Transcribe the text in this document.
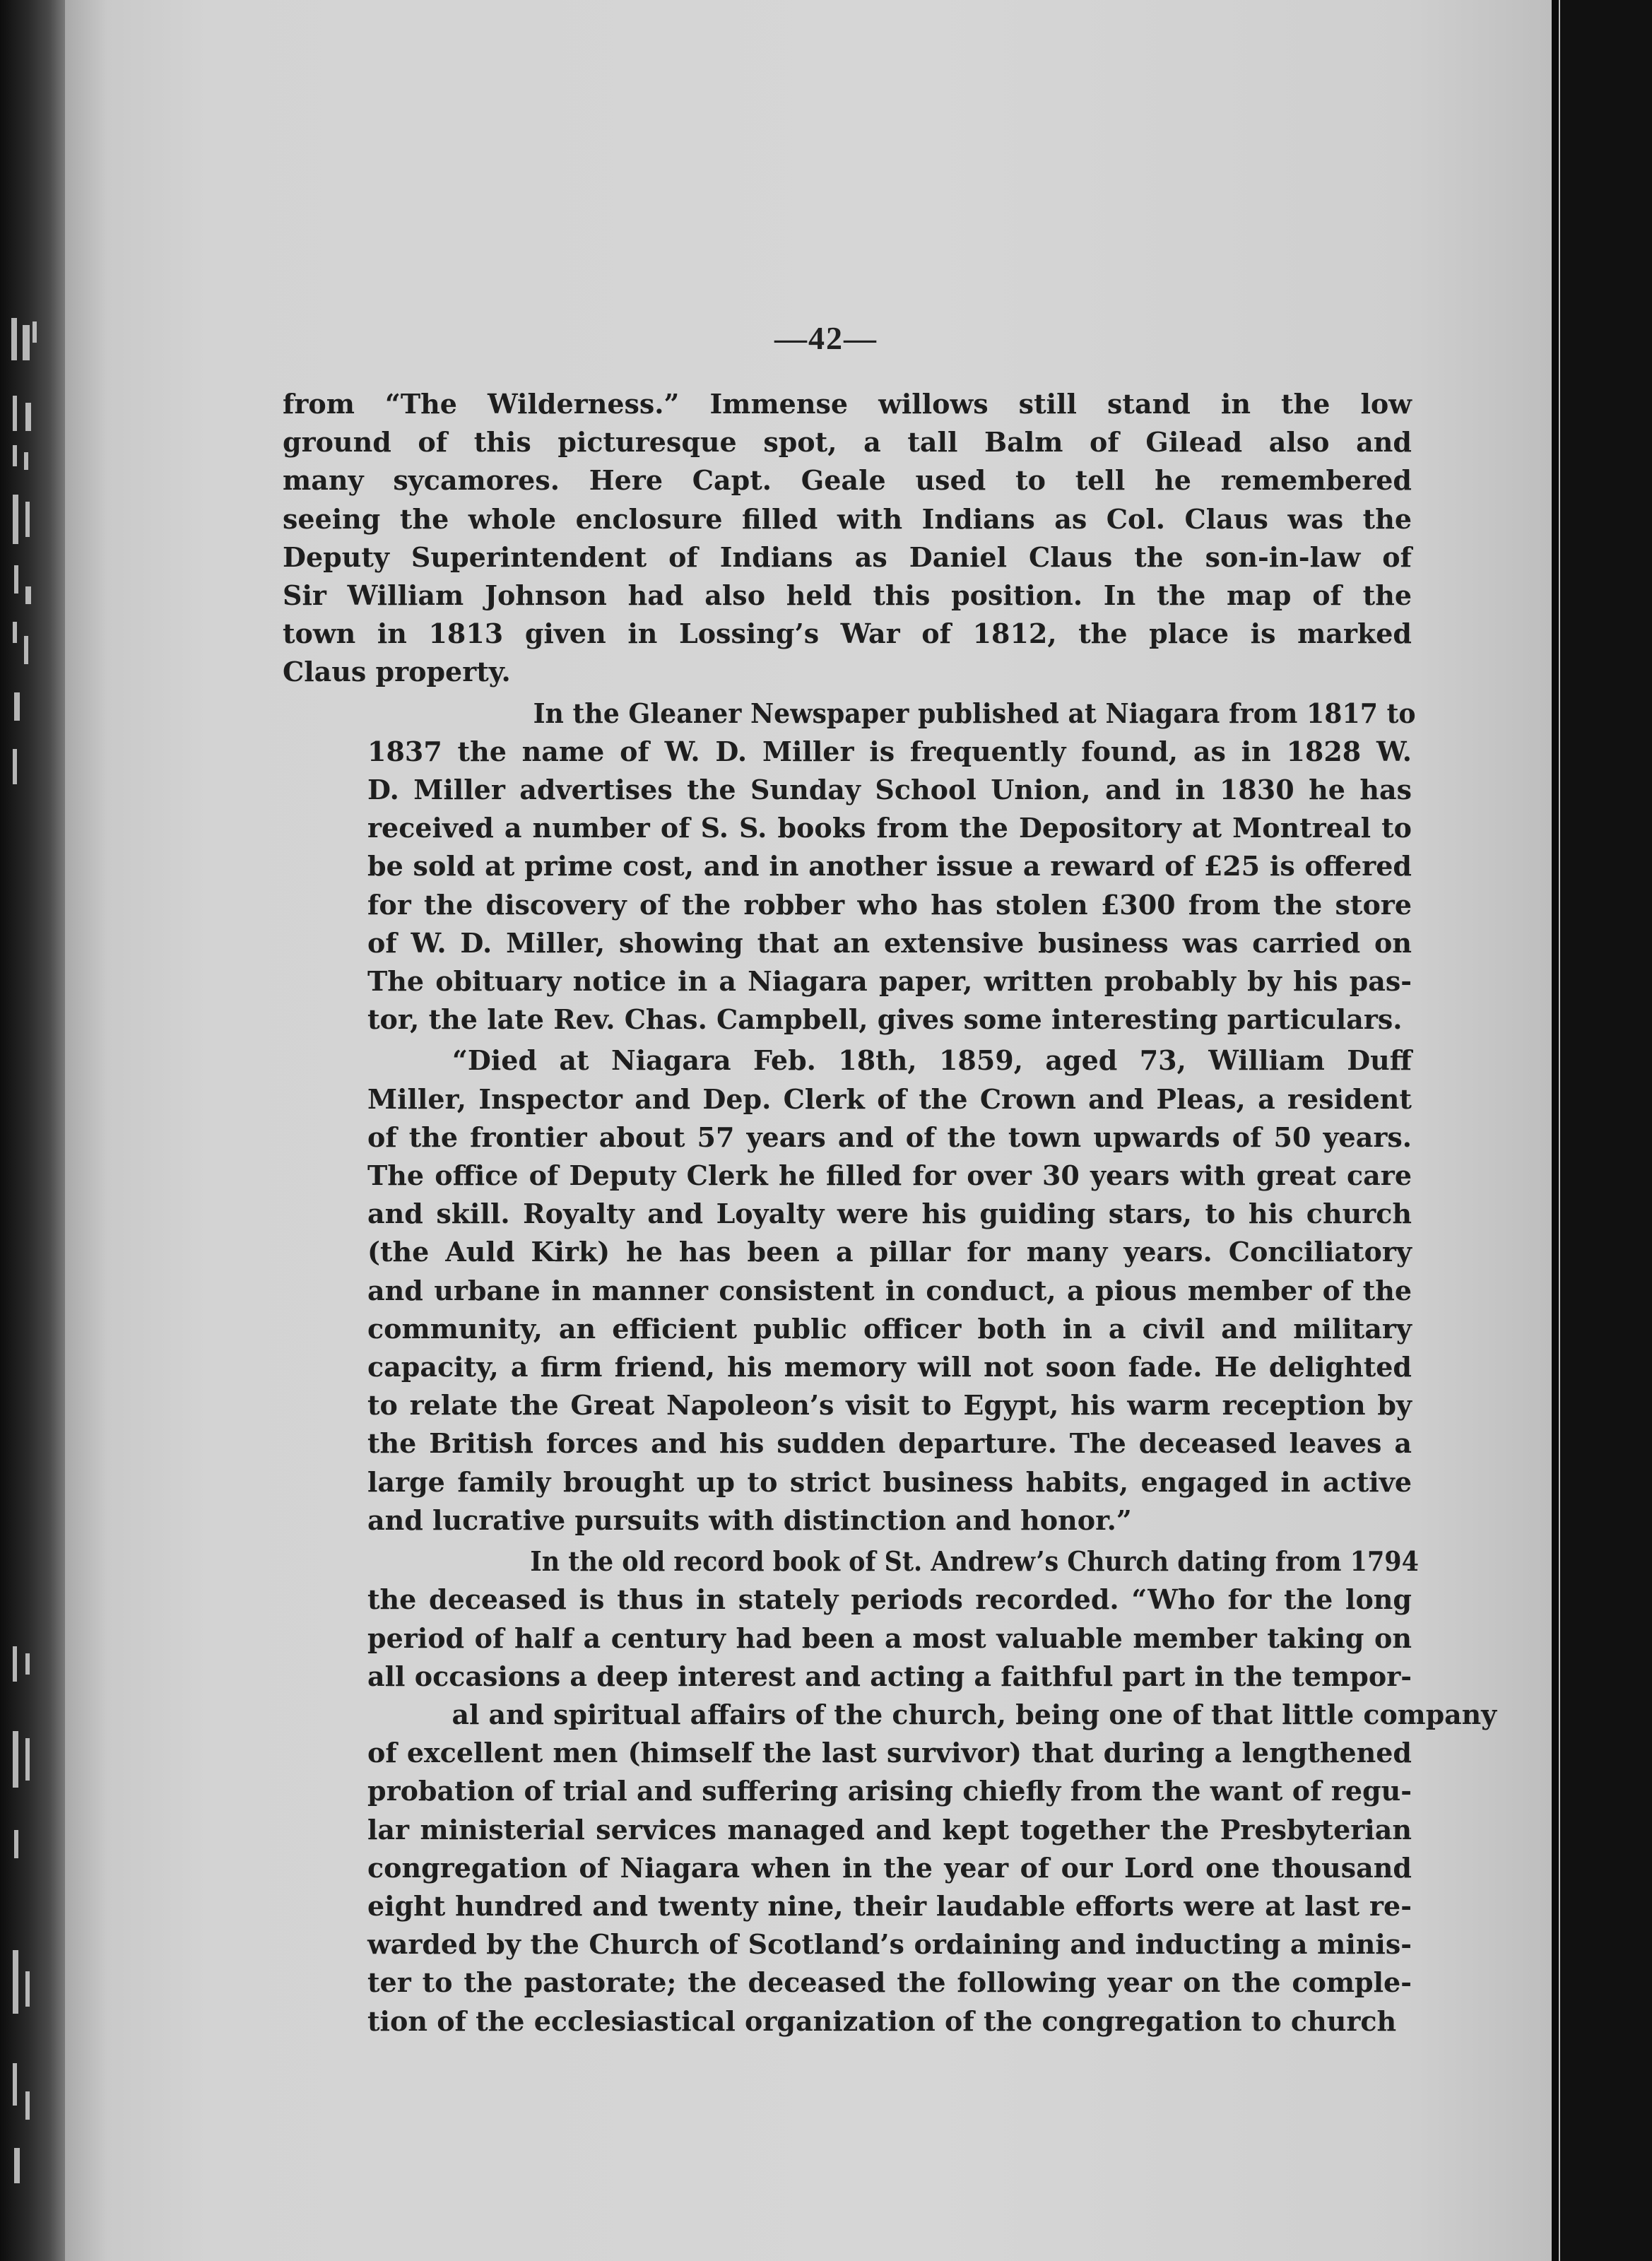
—42—
from “The Wilderness.” Immense willows still stand in the low
ground of this picturesque spot, a tall Balm of Gilead also and
many sycamores. Here Capt. Geale used to tell he remembered
seeing the whole enclosure filled with Indians as Col. Claus was the
Deputy Superintendent of Indians as Daniel Claus the son-in-law of
Sir William Johnson had also held this position. In the map of the
town in 1813 given in Lossing’s War of 1812, the place is marked
Claus property.
In the Gleaner Newspaper published at Niagara from 1817 to
1837 the name of W. D. Miller is frequently found, as in 1828 W.
D. Miller advertises the Sunday School Union, and in 1830 he has
received a number of S. S. books from the Depository at Montreal to
be sold at prime cost, and in another issue a reward of £25 is offered
for the discovery of the robber who has stolen £300 from the store
of W. D. Miller, showing that an extensive business was carried on
The obituary notice in a Niagara paper, written probably by his pas-
tor, the late Rev. Chas. Campbell, gives some interesting particulars.
“Died at Niagara Feb. 18th, 1859, aged 73, William Duff
Miller, Inspector and Dep. Clerk of the Crown and Pleas, a resident
of the frontier about 57 years and of the town upwards of 50 years.
The office of Deputy Clerk he filled for over 30 years with great care
and skill. Royalty and Loyalty were his guiding stars, to his church
(the Auld Kirk) he has been a pillar for many years. Conciliatory
and urbane in manner consistent in conduct, a pious member of the
community, an efficient public officer both in a civil and military
capacity, a firm friend, his memory will not soon fade. He delighted
to relate the Great Napoleon’s visit to Egypt, his warm reception by
the British forces and his sudden departure. The deceased leaves a
large family brought up to strict business habits, engaged in active
and lucrative pursuits with distinction and honor.”
In the old record book of St. Andrew’s Church dating from 1794
the deceased is thus in stately periods recorded. “Who for the long
period of half a century had been a most valuable member taking on
all occasions a deep interest and acting a faithful part in the tempor-
al and spiritual affairs of the church, being one of that little company
of excellent men (himself the last survivor) that during a lengthened
probation of trial and suffering arising chiefly from the want of regu-
lar ministerial services managed and kept together the Presbyterian
congregation of Niagara when in the year of our Lord one thousand
eight hundred and twenty nine, their laudable efforts were at last re-
warded by the Church of Scotland’s ordaining and inducting a minis-
ter to the pastorate; the deceased the following year on the comple-
tion of the ecclesiastical organization of the congregation to church
